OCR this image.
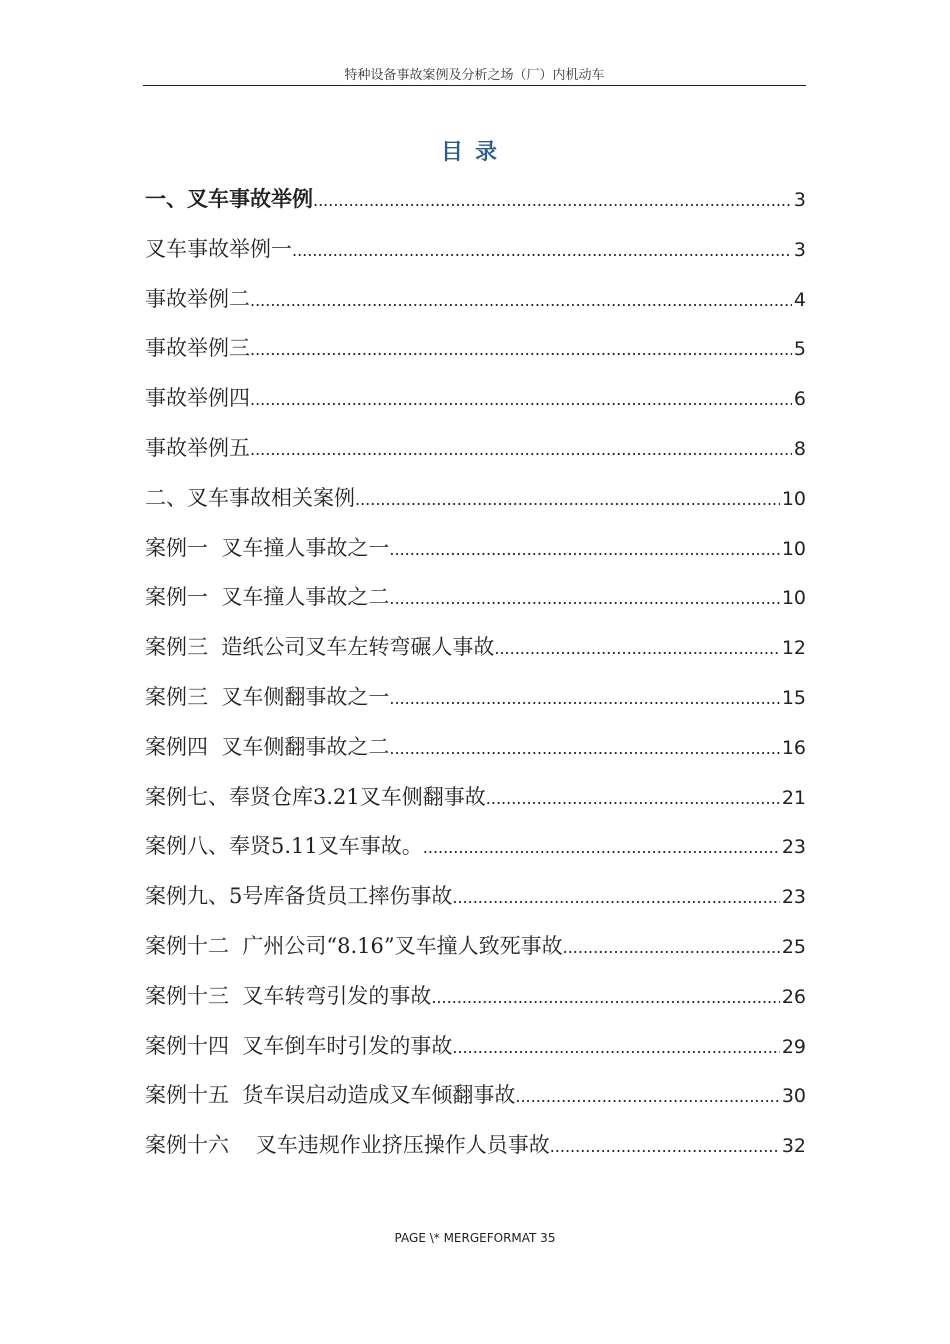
特种设备事故案例及分析之场（厂）内机动车
目录
一、叉车事故举例 .....	3
叉车事故举例一 .....	3
事故举例二 .....	4
事故举例三 .....	5
事故举例四 .....	6
事故举例五 .....	8
二、叉车事故相关案例 .....	10
案例一  叉车撞人事故之一 .....	10
案例一  叉车撞人事故之二 .....	10
案例三  造纸公司叉车左转弯碾人事故 .....	12
案例三  叉车侧翻事故之一 .....	15
案例四  叉车侧翻事故之二 .....	16
案例七、奉贤仓库3.21叉车侧翻事故 .....	21
案例八、奉贤5.11叉车事故。 .....	23
案例九、5号库备货员工摔伤事故 .....	23
案例十二  广州公司“8.16”叉车撞人致死事故 .....	25
案例十三  叉车转弯引发的事故 .....	26
案例十四  叉车倒车时引发的事故 .....	29
案例十五  货车误启动造成叉车倾翻事故 .....	30
案例十六    叉车违规作业挤压操作人员事故 .....	32
PAGE \* MERGEFORMAT 35
